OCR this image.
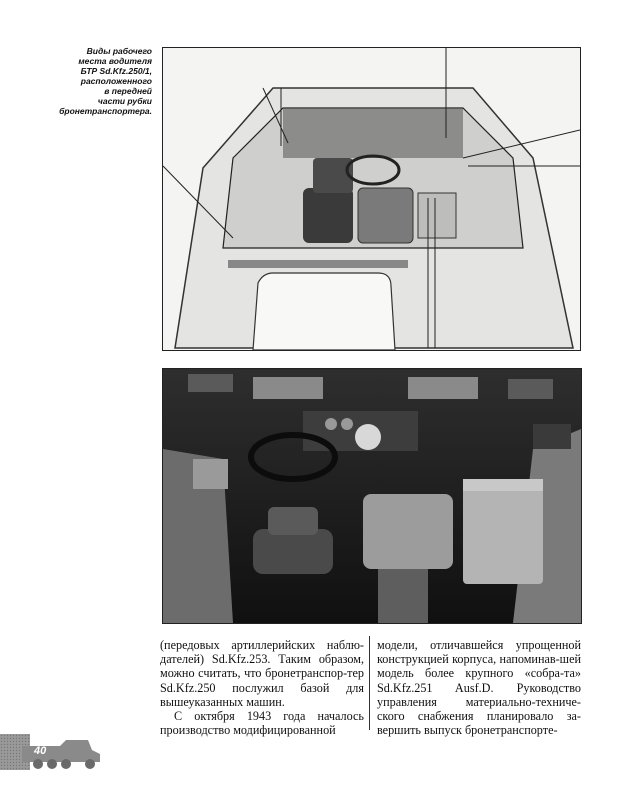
Виды рабочего
места водителя
БТР Sd.Kfz.250/1,
расположенного
в передней
части рубки
бронетранспортера.

(передовых артиллерийских наблю-дателей) Sd.Kfz.253. Таким образом, можно считать, что бронетранспор-тер Sd.Kfz.250 послужил базой для вышеуказанных машин.

С октября 1943 года началось производство модифицированной

модели, отличавшейся упрощенной конструкцией корпуса, напоминав-шей модель более крупного «собра-та» Sd.Kfz.251 Ausf.D. Руководство управления материально-техниче-ского снабжения планировало за-вершить выпуск бронетранспорте-

40
